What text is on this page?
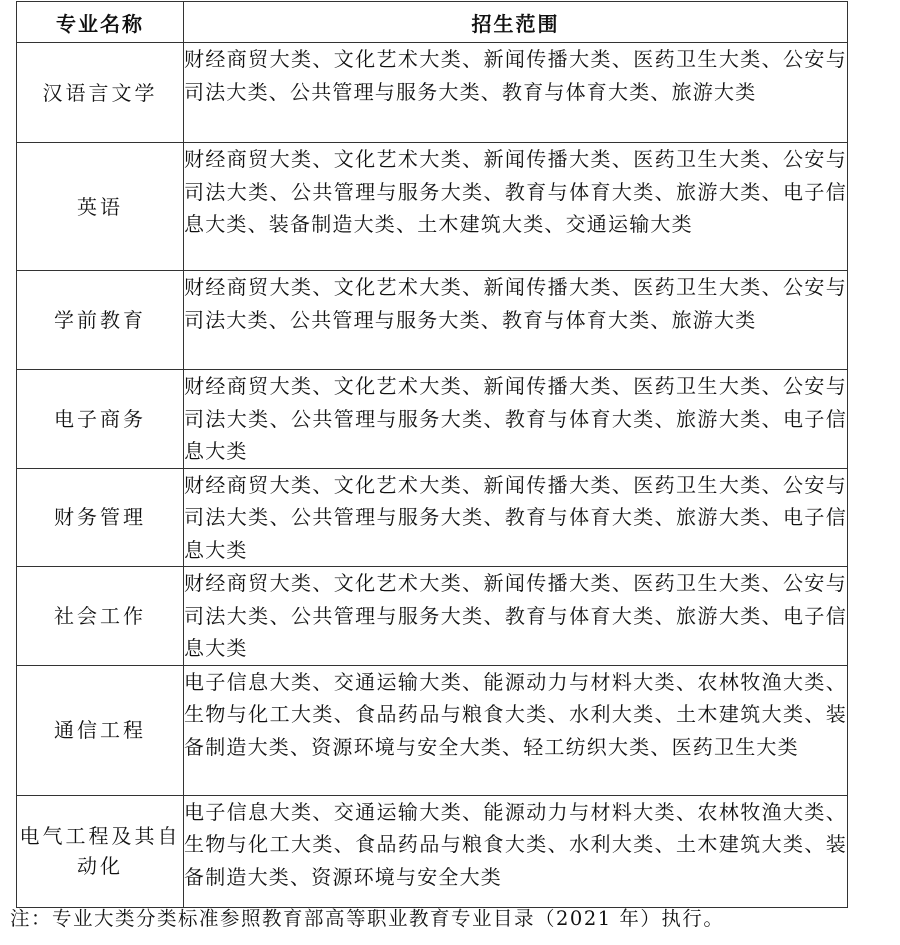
专业名称	招生范围
汉语言文学	财经商贸大类、文化艺术大类、新闻传播大类、医药卫生大类、公安与司法大类、公共管理与服务大类、教育与体育大类、旅游大类
英语	财经商贸大类、文化艺术大类、新闻传播大类、医药卫生大类、公安与司法大类、公共管理与服务大类、教育与体育大类、旅游大类、电子信息大类、装备制造大类、土木建筑大类、交通运输大类
学前教育	财经商贸大类、文化艺术大类、新闻传播大类、医药卫生大类、公安与司法大类、公共管理与服务大类、教育与体育大类、旅游大类
电子商务	财经商贸大类、文化艺术大类、新闻传播大类、医药卫生大类、公安与司法大类、公共管理与服务大类、教育与体育大类、旅游大类、电子信息大类
财务管理	财经商贸大类、文化艺术大类、新闻传播大类、医药卫生大类、公安与司法大类、公共管理与服务大类、教育与体育大类、旅游大类、电子信息大类
社会工作	财经商贸大类、文化艺术大类、新闻传播大类、医药卫生大类、公安与司法大类、公共管理与服务大类、教育与体育大类、旅游大类、电子信息大类
通信工程	电子信息大类、交通运输大类、能源动力与材料大类、农林牧渔大类、生物与化工大类、食品药品与粮食大类、水利大类、土木建筑大类、装备制造大类、资源环境与安全大类、轻工纺织大类、医药卫生大类
电气工程及其自动化	电子信息大类、交通运输大类、能源动力与材料大类、农林牧渔大类、生物与化工大类、食品药品与粮食大类、水利大类、土木建筑大类、装备制造大类、资源环境与安全大类
注：专业大类分类标准参照教育部高等职业教育专业目录（2021 年）执行。
